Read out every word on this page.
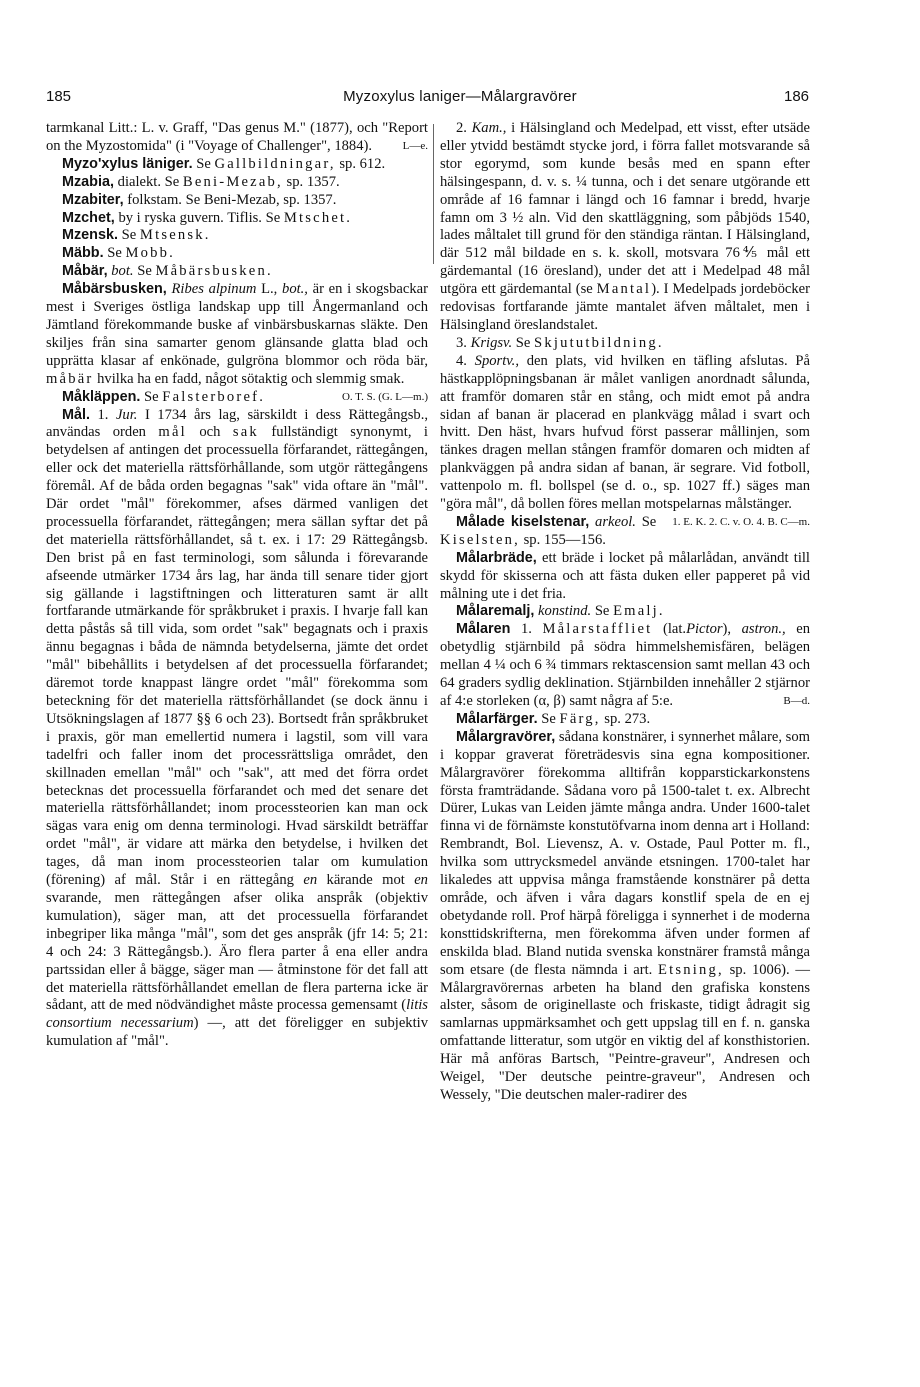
185	Myzoxylus laniger—Målargravörer	186

tarmkanal Litt.: L. v. Graff, "Das genus M." (1877), och "Report on the Myzostomida" (i "Voyage of Challenger", 1884).	L—e.

Myzo'xylus läniger. Se Gallbildningar, sp. 612.

Mzabia, dialekt. Se Beni-Mezab, sp. 1357.

Mzabiter, folkstam. Se Beni-Mezab, sp. 1357.

Mzchet, by i ryska guvern. Tiflis. Se Mtschet.

Mzensk. Se Mtsensk.

Mäbb. Se Mobb.

Måbär, bot. Se Måbärsbusken.

Måbärsbusken, Ribes alpinum L., bot., är en i skogsbackar mest i Sveriges östliga landskap upp till Ångermanland och Jämtland förekommande buske af vinbärsbuskarnas släkte. Den skiljes från sina samarter genom glänsande glatta blad och upprätta klasar af enkönade, gulgröna blommor och röda bär, måbär hvilka ha en fadd, något sötaktig och slemmig smak.
O. T. S. (G. L—m.)

Måkläppen. Se Falsterboref.

Mål. 1. Jur. I 1734 års lag, särskildt i dess Rättegångsb., användas orden mål och sak fullständigt synonymt, i betydelsen af antingen det processuella förfarandet, rättegången, eller ock det materiella rättsförhållande, som utgör rättegångens föremål. Af de båda orden begagnas "sak" vida oftare än "mål". Där ordet "mål" förekommer, afses därmed vanligen det processuella förfarandet, rättegången; mera sällan syftar det på det materiella rättsförhållandet, så t. ex. i 17: 29 Rättegångsb. Den brist på en fast terminologi, som sålunda i förevarande afseende utmärker 1734 års lag, har ända till senare tider gjort sig gällande i lagstiftningen och litteraturen samt är allt fortfarande utmärkande för språkbruket i praxis. I hvarje fall kan detta påstås så till vida, som ordet "sak" begagnats och i praxis ännu begagnas i båda de nämnda betydelserna, jämte det ordet "mål" bibehållits i betydelsen af det processuella förfarandet; däremot torde knappast längre ordet "mål" förekomma som beteckning för det materiella rättsförhållandet (se dock ännu i Utsökningslagen af 1877 §§ 6 och 23). Bortsedt från språkbruket i praxis, gör man emellertid numera i lagstil, som vill vara tadelfri och faller inom det processrättsliga området, den skillnaden emellan "mål" och "sak", att med det förra ordet betecknas det processuella förfarandet och med det senare det materiella rättsförhållandet; inom processteorien kan man ock sägas vara enig om denna terminologi. Hvad särskildt beträffar ordet "mål", är vidare att märka den betydelse, i hvilken det tages, då man inom processteorien talar om kumulation (förening) af mål. Står i en rättegång en kärande mot en svarande, men rättegången afser olika anspråk (objektiv kumulation), säger man, att det processuella förfarandet inbegriper lika många "mål", som det ges anspråk (jfr 14: 5; 21: 4 och 24: 3 Rättegångsb.). Äro flera parter å ena eller andra partssidan eller å bägge, säger man — åtminstone för det fall att det materiella rättsförhållandet emellan de flera parterna icke är sådant, att de med nödvändighet måste processa gemensamt (litis consortium necessarium) —, att det föreligger en subjektiv kumulation af "mål".

2. Kam., i Hälsingland och Medelpad, ett visst, efter utsäde eller ytvidd bestämdt stycke jord, i förra fallet motsvarande så stor egorymd, som kunde besås med en spann efter hälsingespann, d. v. s. ¼ tunna, och i det senare utgörande ett område af 16 famnar i längd och 16 famnar i bredd, hvarje famn om 3 ½ aln. Vid den skattläggning, som påbjöds 1540, lades måltalet till grund för den ständiga räntan. I Hälsingland, där 512 mål bildade en s. k. skoll, motsvara 76⅘ mål ett gärdemantal (16 öresland), under det att i Medelpad 48 mål utgöra ett gärdemantal (se Mantal). I Medelpads jordeböcker redovisas fortfarande jämte mantalet äfven måltalet, men i Hälsingland öreslandstalet.

3. Krigsv. Se Skjututbildning.

4. Sportv., den plats, vid hvilken en täfling afslutas. På hästkapplöpningsbanan är målet vanligen anordnadt sålunda, att framför domaren står en stång, och midt emot på andra sidan af banan är placerad en plankvägg målad i svart och hvitt. Den häst, hvars hufvud först passerar mållinjen, som tänkes dragen mellan stången framför domaren och midten af plankväggen på andra sidan af banan, är segrare. Vid fotboll, vattenpolo m. fl. bollspel (se d. o., sp. 1027 ff.) säges man "göra mål", då bollen föres mellan motspelarnas målstänger.
1. E. K. 2. C. v. O. 4. B. C—m.

Målade kiselstenar, arkeol. Se Kiselsten, sp. 155—156.

Målarbräde, ett bräde i locket på målarlådan, användt till skydd för skisserna och att fästa duken eller papperet på vid målning ute i det fria.

Målaremalj, konstind. Se Emalj.

Målaren 1. Målarstaffliet (lat.Pictor), astron., en obetydlig stjärnbild på södra himmelshemisfären, belägen mellan 4 ¼ och 6 ¾ timmars rektascension samt mellan 43 och 64 graders sydlig deklination. Stjärnbilden innehåller 2 stjärnor af 4:e storleken (α, β) samt några af 5:e.	B—d.

Målarfärger. Se Färg, sp. 273.

Målargravörer, sådana konstnärer, i synnerhet målare, som i koppar graverat företrädesvis sina egna kompositioner. Målargravörer förekomma alltifrån kopparstickarkonstens första framträdande. Sådana voro på 1500-talet t. ex. Albrecht Dürer, Lukas van Leiden jämte många andra. Under 1600-talet finna vi de förnämste konstutöfvarna inom denna art i Holland: Rembrandt, Bol. Lievensz, A. v. Ostade, Paul Potter m. fl., hvilka som uttrycksmedel använde etsningen. 1700-talet har likaledes att uppvisa många framstående konstnärer på detta område, och äfven i våra dagars konstlif spela de en ej obetydande roll. Prof härpå föreligga i synnerhet i de moderna konsttidskrifterna, men förekomma äfven under formen af enskilda blad. Bland nutida svenska konstnärer framstå många som etsare (de flesta nämnda i art. Etsning, sp. 1006). — Målargravörernas arbeten ha bland den grafiska konstens alster, såsom de originellaste och friskaste, tidigt ådragit sig samlarnas uppmärksamhet och gett uppslag till en f. n. ganska omfattande litteratur, som utgör en viktig del af konsthistorien. Här må anföras Bartsch, "Peintre-graveur", Andresen och Weigel, "Der deutsche peintre-graveur", Andresen och Wessely, "Die deutschen maler-radirer des
